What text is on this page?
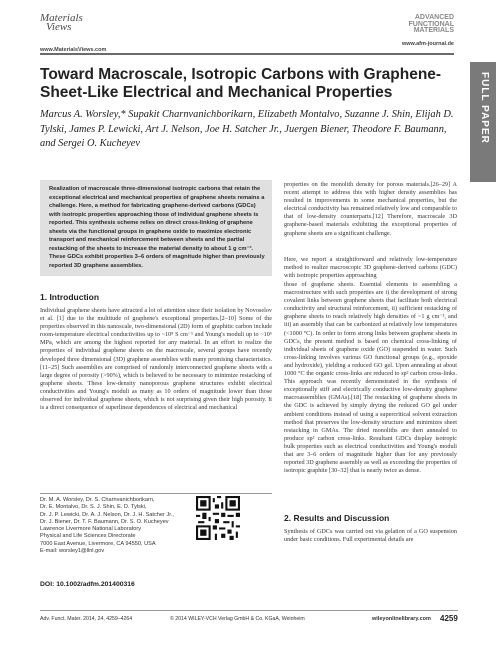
Materials
Views
www.MaterialsViews.com
ADVANCED
FUNCTIONAL
MATERIALS
www.afm-journal.de
FULL PAPER
Toward Macroscale, Isotropic Carbons with Graphene-Sheet-Like Electrical and Mechanical Properties
Marcus A. Worsley,* Supakit Charnvanichborikarn, Elizabeth Montalvo, Suzanne J. Shin, Elijah D. Tylski, James P. Lewicki, Art J. Nelson, Joe H. Satcher Jr., Juergen Biener, Theodore F. Baumann, and Sergei O. Kucheyev
Realization of macroscale three-dimensional isotropic carbons that retain the exceptional electrical and mechanical properties of graphene sheets remains a challenge. Here, a method for fabricating graphene-derived carbons (GDCs) with isotropic properties approaching those of individual graphene sheets is reported. This synthesis scheme relies on direct cross-linking of graphene sheets via the functional groups in graphene oxide to maximize electronic transport and mechanical reinforcement between sheets and the partial restacking of the sheets to increase the material density to about 1 g cm⁻³. These GDCs exhibit properties 3–6 orders of magnitude higher than previously reported 3D graphene assemblies.
1. Introduction
Individual graphene sheets have attracted a lot of attention since their isolation by Novoselov et al. [1] due to the multitude of graphene's exceptional properties.[2–10] Some of the properties observed in this nanoscale, two-dimensional (2D) form of graphitic carbon include room-temperature electrical conductivities up to ~10⁸ S cm⁻¹ and Young's moduli up to ~10⁶ MPa, which are among the highest reported for any material. In an effort to realize the properties of individual graphene sheets on the macroscale, several groups have recently developed three dimensional (3D) graphene assemblies with many promising characteristics.[11–25] Such assemblies are comprised of randomly interconnected graphene sheets with a large degree of porosity (>90%), which is believed to be necessary to minimize restacking of graphene sheets. These low-density nanoporous graphene structures exhibit electrical conductivities and Young's moduli as many as 10 orders of magnitude lower than those observed for individual graphene sheets, which is not surprising given their high porosity. It is a direct consequence of superlinear dependences of electrical and mechanical
Dr. M. A. Worsley, Dr. S. Charnvanichborikarn,
Dr. E. Montalvo, Dr. S. J. Shin, E. D. Tylski,
Dr. J. P. Lewicki, Dr. A. J. Nelson, Dr. J. H. Satcher Jr.,
Dr. J. Biener, Dr. T. F. Baumann, Dr. S. O. Kucheyev
Lawrence Livermore National Laboratory
Physical and Life Sciences Directorate
7000 East Avenue, Livermore, CA 94550, USA
E-mail: worsley1@llnl.gov
DOI: 10.1002/adfm.201400316
properties on the monolith density for porous materials.[26–29] A recent attempt to address this with higher density assemblies has resulted in improvements in some mechanical properties, but the electrical conductivity has remained relatively low and comparable to that of low-density counterparts.[12] Therefore, macroscale 3D graphene-based materials exhibiting the exceptional properties of graphene sheets are a significant challenge.
Here, we report a straightforward and relatively low-temperature method to realize macroscopic 3D graphene-derived carbons (GDC) with isotropic properties approaching
those of graphene sheets. Essential elements to assembling a macrostructure with such properties are i) the development of strong covalent links between graphene sheets that facilitate both electrical conductivity and structural reinforcement, ii) sufficient restacking of graphene sheets to reach relatively high densities of ~1 g cm⁻³, and iii) an assembly that can be carbonized at relatively low temperatures (<1000 °C). In order to form strong links between graphene sheets in GDCs, the present method is based on chemical cross-linking of individual sheets of graphene oxide (GO) suspended in water. Such cross-linking involves various GO functional groups (e.g., epoxide and hydroxide), yielding a reduced GO gel. Upon annealing at about 1000 °C the organic cross-links are reduced to sp² carbon cross-links. This approach was recently demonstrated in the synthesis of exceptionally stiff and electrically conductive low-density graphene macroassemblies (GMAs).[18] The restacking of graphene sheets in the GDC is achieved by simply drying the reduced GO gel under ambient conditions instead of using a supercritical solvent extraction method that preserves the low-density structure and minimizes sheet restacking in GMAs. The dried monoliths are then annealed to produce sp² carbon cross-links. Resultant GDCs display isotropic bulk properties such as electrical conductivities and Young's moduli that are 3–6 orders of magnitude higher than for any previously reported 3D graphene assembly as well as exceeding the properties of isotropic graphite [30–32] that is nearly twice as dense.
2. Results and Discussion
Synthesis of GDCs was carried out via gelation of a GO suspension under basic conditions. Full experimental details are
Adv. Funct. Mater. 2014, 24, 4259–4264	© 2014 WILEY-VCH Verlag GmbH & Co. KGaA, Weinheim	wileyonlinelibrary.com 4259
